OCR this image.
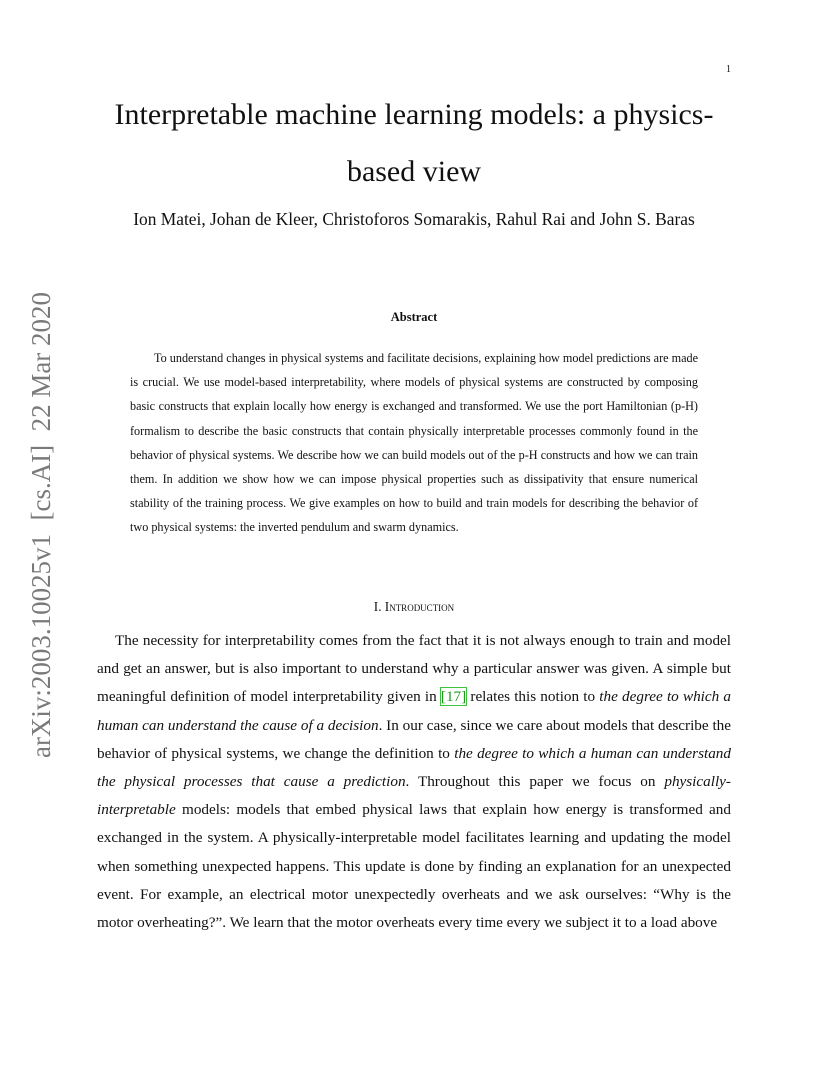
1
arXiv:2003.10025v1  [cs.AI]  22 Mar 2020
Interpretable machine learning models: a physics-based view
Ion Matei, Johan de Kleer, Christoforos Somarakis, Rahul Rai and John S. Baras
Abstract

To understand changes in physical systems and facilitate decisions, explaining how model predictions are made is crucial. We use model-based interpretability, where models of physical systems are constructed by composing basic constructs that explain locally how energy is exchanged and transformed. We use the port Hamiltonian (p-H) formalism to describe the basic constructs that contain physically interpretable processes commonly found in the behavior of physical systems. We describe how we can build models out of the p-H constructs and how we can train them. In addition we show how we can impose physical properties such as dissipativity that ensure numerical stability of the training process. We give examples on how to build and train models for describing the behavior of two physical systems: the inverted pendulum and swarm dynamics.

I. Introduction

The necessity for interpretability comes from the fact that it is not always enough to train and model and get an answer, but is also important to understand why a particular answer was given. A simple but meaningful definition of model interpretability given in [17] relates this notion to the degree to which a human can understand the cause of a decision. In our case, since we care about models that describe the behavior of physical systems, we change the definition to the degree to which a human can understand the physical processes that cause a prediction. Throughout this paper we focus on physically-interpretable models: models that embed physical laws that explain how energy is transformed and exchanged in the system. A physically-interpretable model facilitates learning and updating the model when something unexpected happens. This update is done by finding an explanation for an unexpected event. For example, an electrical motor unexpectedly overheats and we ask ourselves: “Why is the motor overheating?”. We learn that the motor overheats every time every we subject it to a load above
